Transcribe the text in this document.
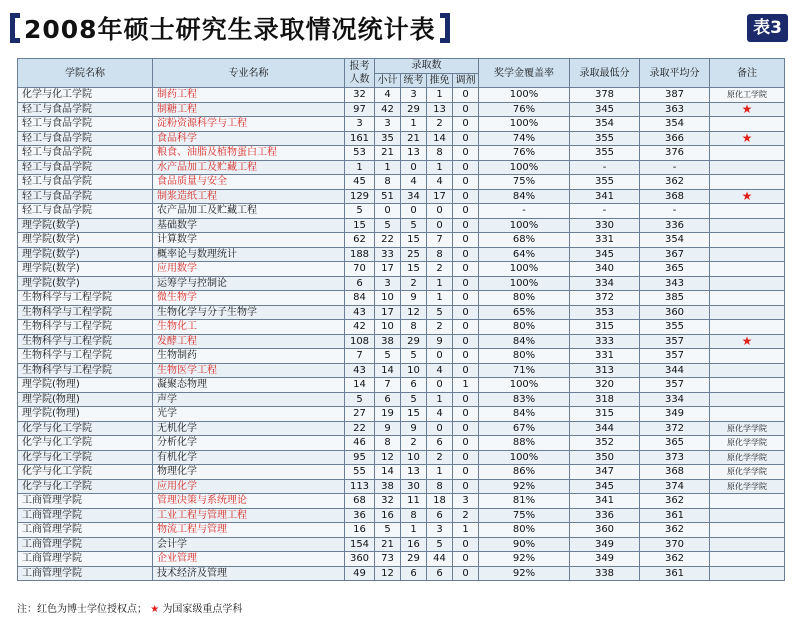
2008年硕士研究生录取情况统计表	表3
学院名称	专业名称	报考人数	录取数				奖学金覆盖率	录取最低分	录取平均分	备注
			小计	统考	推免	调剂				
化学与化工学院	制药工程	32	4	3	1	0	100%	378	387	原化工学院
轻工与食品学院	制糖工程	97	42	29	13	0	76%	345	363	★
轻工与食品学院	淀粉资源科学与工程	3	3	1	2	0	100%	354	354	
轻工与食品学院	食品科学	161	35	21	14	0	74%	355	366	★
轻工与食品学院	粮食、油脂及植物蛋白工程	53	21	13	8	0	76%	355	376	
轻工与食品学院	水产品加工及贮藏工程	1	1	0	1	0	100%	-	-	
轻工与食品学院	食品质量与安全	45	8	4	4	0	75%	355	362	
轻工与食品学院	制浆造纸工程	129	51	34	17	0	84%	341	368	★
轻工与食品学院	农产品加工及贮藏工程	5	0	0	0	0	-	-	-	
理学院(数学)	基础数学	15	5	5	0	0	100%	330	336	
理学院(数学)	计算数学	62	22	15	7	0	68%	331	354	
理学院(数学)	概率论与数理统计	188	33	25	8	0	64%	345	367	
理学院(数学)	应用数学	70	17	15	2	0	100%	340	365	
理学院(数学)	运筹学与控制论	6	3	2	1	0	100%	334	343	
生物科学与工程学院	微生物学	84	10	9	1	0	80%	372	385	
生物科学与工程学院	生物化学与分子生物学	43	17	12	5	0	65%	353	360	
生物科学与工程学院	生物化工	42	10	8	2	0	80%	315	355	
生物科学与工程学院	发酵工程	108	38	29	9	0	84%	333	357	★
生物科学与工程学院	生物制药	7	5	5	0	0	80%	331	357	
生物科学与工程学院	生物医学工程	43	14	10	4	0	71%	313	344	
理学院(物理)	凝聚态物理	14	7	6	0	1	100%	320	357	
理学院(物理)	声学	5	6	5	1	0	83%	318	334	
理学院(物理)	光学	27	19	15	4	0	84%	315	349	
化学与化工学院	无机化学	22	9	9	0	0	67%	344	372	原化学学院
化学与化工学院	分析化学	46	8	2	6	0	88%	352	365	原化学学院
化学与化工学院	有机化学	95	12	10	2	0	100%	350	373	原化学学院
化学与化工学院	物理化学	55	14	13	1	0	86%	347	368	原化学学院
化学与化工学院	应用化学	113	38	30	8	0	92%	345	374	原化学学院
工商管理学院	管理决策与系统理论	68	32	11	18	3	81%	341	362	
工商管理学院	工业工程与管理工程	36	16	8	6	2	75%	336	361	
工商管理学院	物流工程与管理	16	5	1	3	1	80%	360	362	
工商管理学院	会计学	154	21	16	5	0	90%	349	370	
工商管理学院	企业管理	360	73	29	44	0	92%	349	362	
工商管理学院	技术经济及管理	49	12	6	6	0	92%	338	361	
注：红色为博士学位授权点； ★ 为国家级重点学科
